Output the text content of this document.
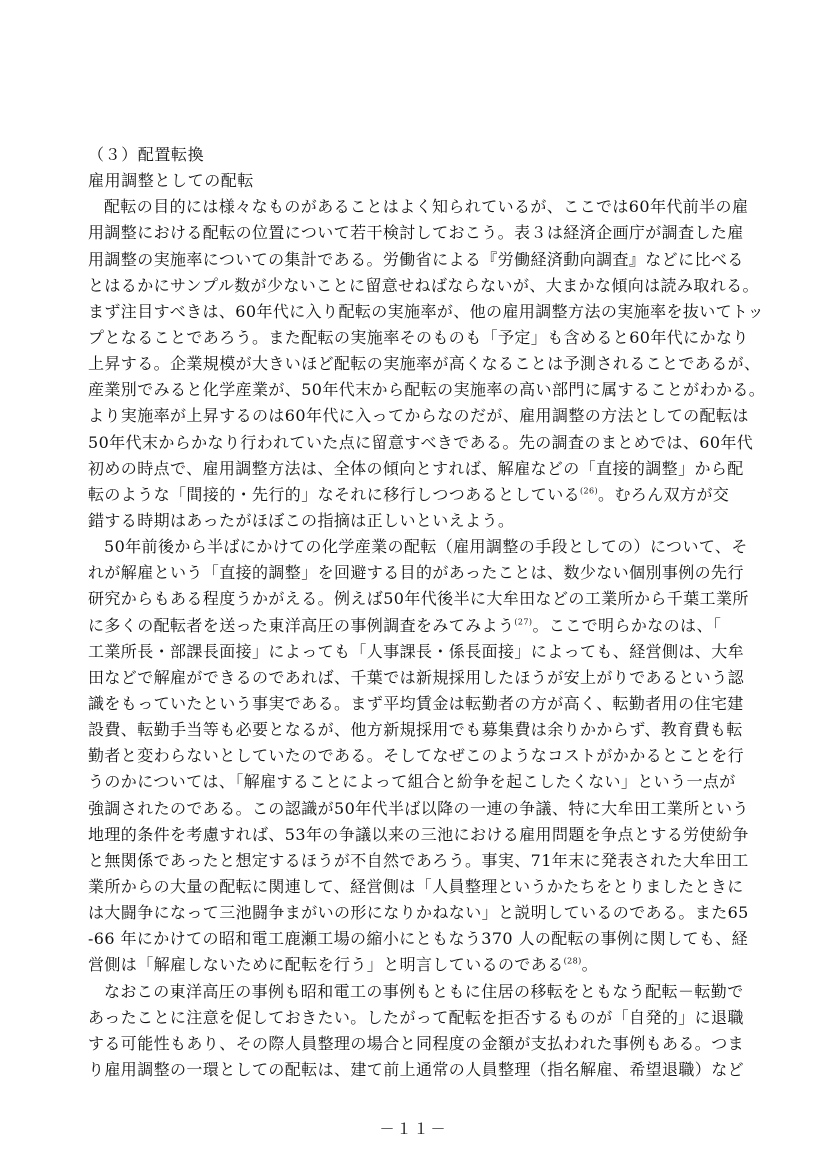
（３）配置転換
雇用調整としての配転
配転の目的には様々なものがあることはよく知られているが、ここでは60年代前半の雇
用調整における配転の位置について若干検討しておこう。表３は経済企画庁が調査した雇
用調整の実施率についての集計である。労働省による『労働経済動向調査』などに比べる
とはるかにサンプル数が少ないことに留意せねばならないが、大まかな傾向は読み取れる。
まず注目すべきは、60年代に入り配転の実施率が、他の雇用調整方法の実施率を抜いてトッ
プとなることであろう。また配転の実施率そのものも「予定」も含めると60年代にかなり
上昇する。企業規模が大きいほど配転の実施率が高くなることは予測されることであるが、
産業別でみると化学産業が、50年代末から配転の実施率の高い部門に属することがわかる。
より実施率が上昇するのは60年代に入ってからなのだが、雇用調整の方法としての配転は
50年代末からかなり行われていた点に留意すべきである。先の調査のまとめでは、60年代
初めの時点で、雇用調整方法は、全体の傾向とすれば、解雇などの「直接的調整」から配
転のような「間接的・先行的」なそれに移行しつつあるとしている$^{(26)}$。むろん双方が交
錯する時期はあったがほぼこの指摘は正しいといえよう。
50年前後から半ばにかけての化学産業の配転（雇用調整の手段としての）について、そ
れが解雇という「直接的調整」を回避する目的があったことは、数少ない個別事例の先行
研究からもある程度うかがえる。例えば50年代後半に大牟田などの工業所から千葉工業所
に多くの配転者を送った東洋高圧の事例調査をみてみよう$^{(27)}$。ここで明らかなのは、「
工業所長・部課長面接」によっても「人事課長・係長面接」によっても、経営側は、大牟
田などで解雇ができるのであれば、千葉では新規採用したほうが安上がりであるという認
識をもっていたという事実である。まず平均賃金は転勤者の方が高く、転勤者用の住宅建
設費、転勤手当等も必要となるが、他方新規採用でも募集費は余りかからず、教育費も転
勤者と変わらないとしていたのである。そしてなぜこのようなコストがかかるとことを行
うのかについては、「解雇することによって組合と紛争を起こしたくない」という一点が
強調されたのである。この認識が50年代半ば以降の一連の争議、特に大牟田工業所という
地理的条件を考慮すれば、53年の争議以来の三池における雇用問題を争点とする労使紛争
と無関係であったと想定するほうが不自然であろう。事実、71年末に発表された大牟田工
業所からの大量の配転に関連して、経営側は「人員整理というかたちをとりましたときに
は大闘争になって三池闘争まがいの形になりかねない」と説明しているのである。また65
-66 年にかけての昭和電工鹿瀬工場の縮小にともなう370 人の配転の事例に関しても、経
営側は「解雇しないために配転を行う」と明言しているのである$^{(28)}$。
なおこの東洋高圧の事例も昭和電工の事例もともに住居の移転をともなう配転－転勤で
あったことに注意を促しておきたい。したがって配転を拒否するものが「自発的」に退職
する可能性もあり、その際人員整理の場合と同程度の金額が支払われた事例もある。つま
り雇用調整の一環としての配転は、建て前上通常の人員整理（指名解雇、希望退職）など
－１１－
